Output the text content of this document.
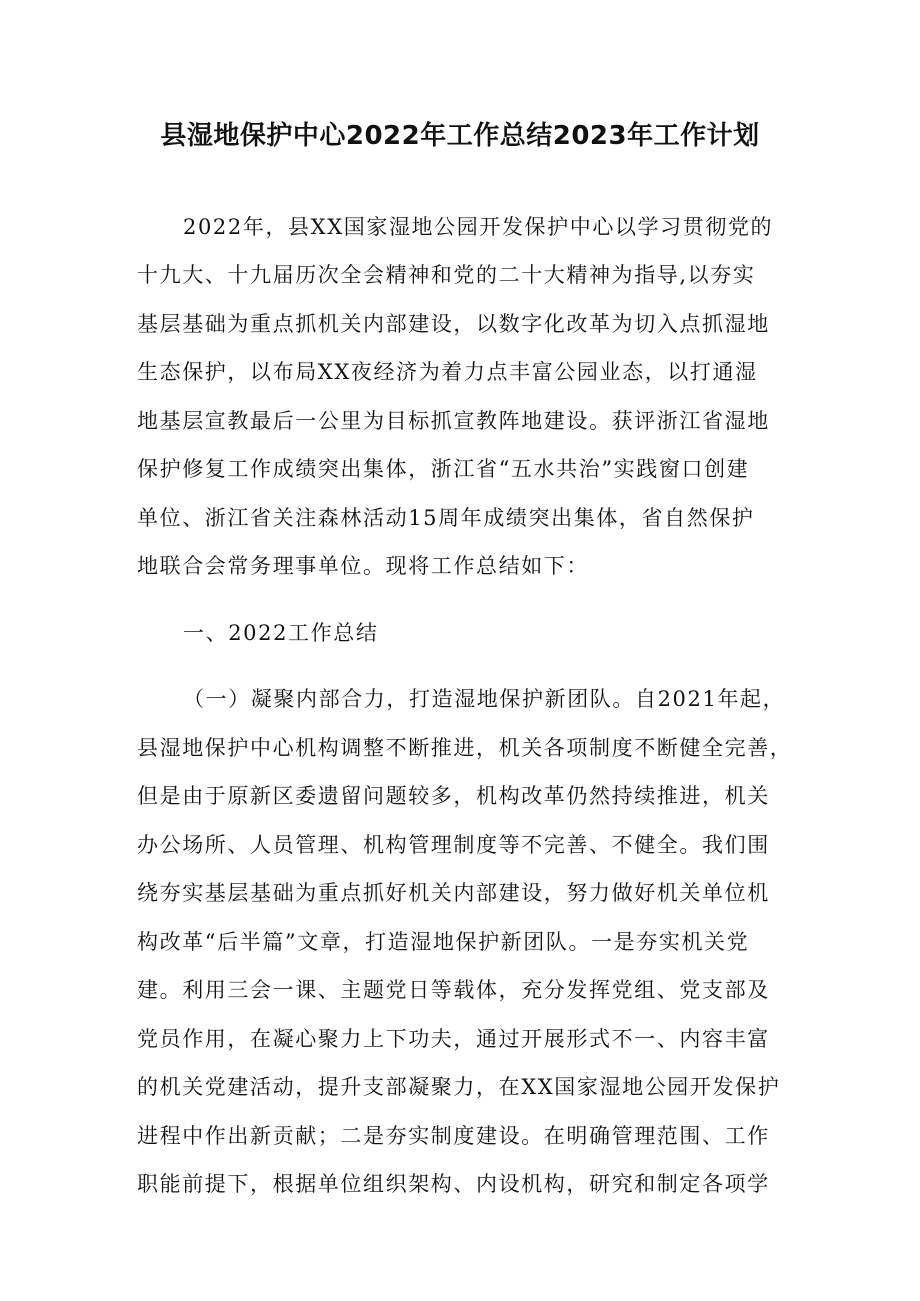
县湿地保护中心2022年工作总结2023年工作计划
2022年，县XX国家湿地公园开发保护中心以学习贯彻党的
十九大、十九届历次全会精神和党的二十大精神为指导,以夯实
基层基础为重点抓机关内部建设，以数字化改革为切入点抓湿地
生态保护，以布局XX夜经济为着力点丰富公园业态，以打通湿
地基层宣教最后一公里为目标抓宣教阵地建设。获评浙江省湿地
保护修复工作成绩突出集体，浙江省“五水共治”实践窗口创建
单位、浙江省关注森林活动15周年成绩突出集体，省自然保护
地联合会常务理事单位。现将工作总结如下：
一、2022工作总结
（一）凝聚内部合力，打造湿地保护新团队。自2021年起，
县湿地保护中心机构调整不断推进，机关各项制度不断健全完善，
但是由于原新区委遗留问题较多，机构改革仍然持续推进，机关
办公场所、人员管理、机构管理制度等不完善、不健全。我们围
绕夯实基层基础为重点抓好机关内部建设，努力做好机关单位机
构改革“后半篇”文章，打造湿地保护新团队。一是夯实机关党
建。利用三会一课、主题党日等载体，充分发挥党组、党支部及
党员作用，在凝心聚力上下功夫，通过开展形式不一、内容丰富
的机关党建活动，提升支部凝聚力，在XX国家湿地公园开发保护
进程中作出新贡献；二是夯实制度建设。在明确管理范围、工作
职能前提下，根据单位组织架构、内设机构，研究和制定各项学
